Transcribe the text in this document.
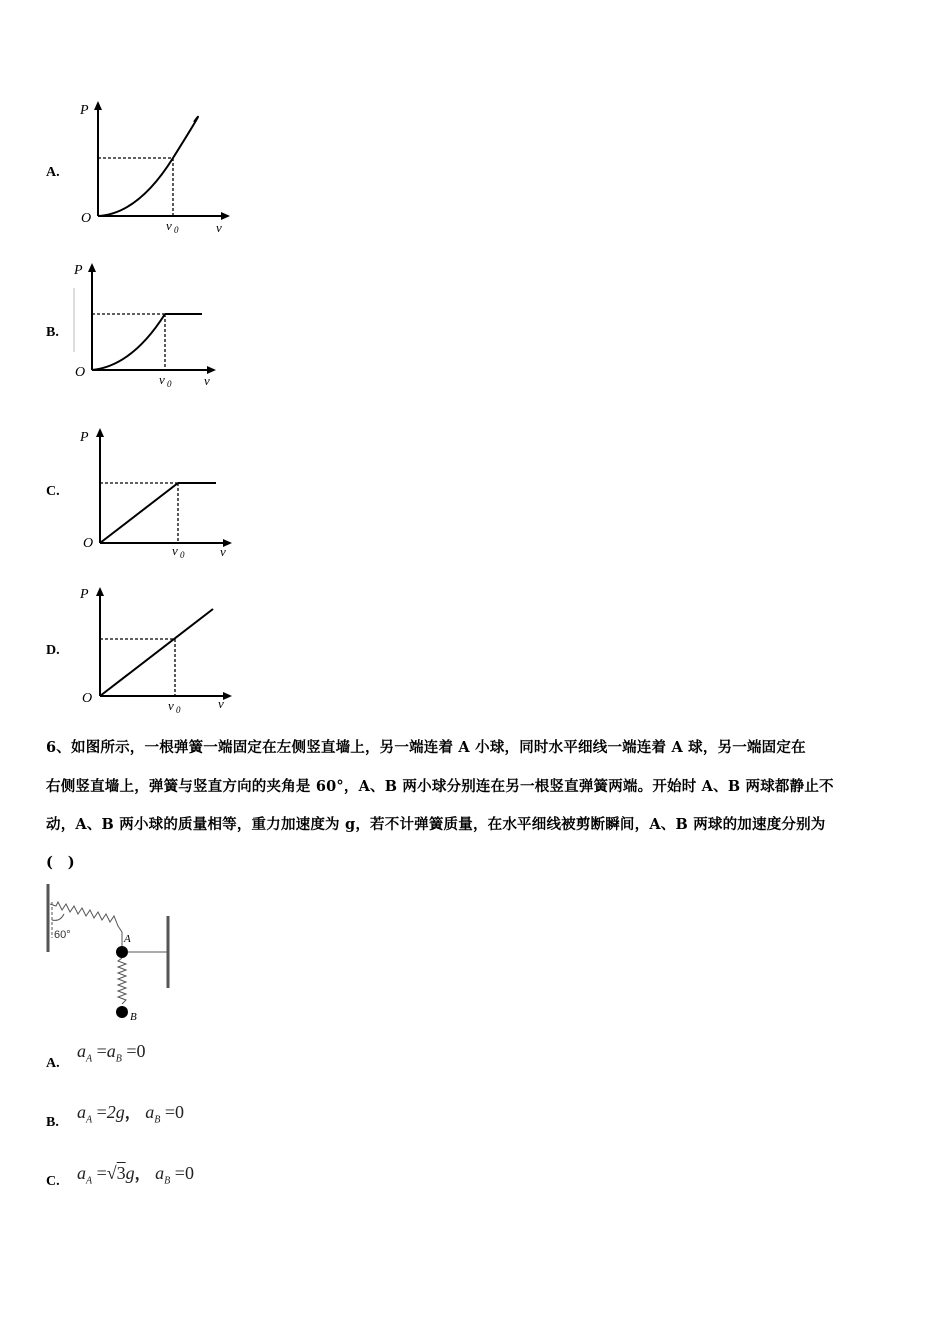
A.
P
O	v 0	v
B.
P
O	v 0	v
C.
P
O	v 0	v
D.
P
O	v 0	v
6、如图所示，一根弹簧一端固定在左侧竖直墙上，另一端连着 A 小球，同时水平细线一端连着 A 球，另一端固定在
右侧竖直墙上，弹簧与竖直方向的夹角是 60°，A、B 两小球分别连在另一根竖直弹簧两端。开始时 A、B 两球都静止不
动，A、B 两小球的质量相等，重力加速度为 g，若不计弹簧质量，在水平细线被剪断瞬间，A、B 两球的加速度分别为
(　)
60°	A
B
A.
$a_A =a_B =0$
B.
$a_A =2g$， $a_B =0$
C. $a_A =√3g$， $a_B =0$
